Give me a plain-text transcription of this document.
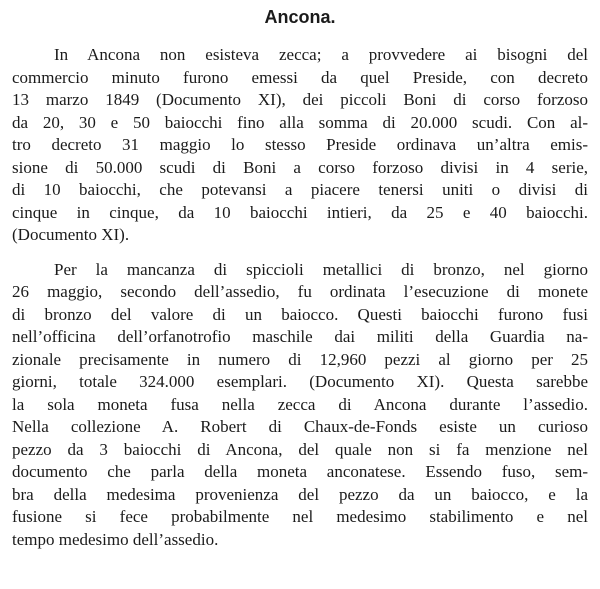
Ancona.
In Ancona non esisteva zecca; a provvedere ai bisogni del
commercio minuto furono emessi da quel Preside, con decreto
13 marzo 1849 (Documento XI), dei piccoli Boni di corso forzoso
da 20, 30 e 50 baiocchi fino alla somma di 20.000 scudi. Con al-
tro decreto 31 maggio lo stesso Preside ordinava un’altra emis-
sione di 50.000 scudi di Boni a corso forzoso divisi in 4 serie,
di 10 baiocchi, che potevansi a piacere tenersi uniti o divisi di
cinque in cinque, da 10 baiocchi intieri, da 25 e 40 baiocchi.
(Documento XI).
Per la mancanza di spiccioli metallici di bronzo, nel giorno
26 maggio, secondo dell’assedio, fu ordinata l’esecuzione di monete
di bronzo del valore di un baiocco. Questi baiocchi furono fusi
nell’officina dell’orfanotrofio maschile dai militi della Guardia na-
zionale precisamente in numero di 12,960 pezzi al giorno per 25
giorni, totale 324.000 esemplari. (Documento XI). Questa sarebbe
la sola moneta fusa nella zecca di Ancona durante l’assedio.
Nella collezione A. Robert di Chaux-de-Fonds esiste un curioso
pezzo da 3 baiocchi di Ancona, del quale non si fa menzione nel
documento che parla della moneta anconatese. Essendo fuso, sem-
bra della medesima provenienza del pezzo da un baiocco, e la
fusione si fece probabilmente nel medesimo stabilimento e nel
tempo medesimo dell’assedio.
